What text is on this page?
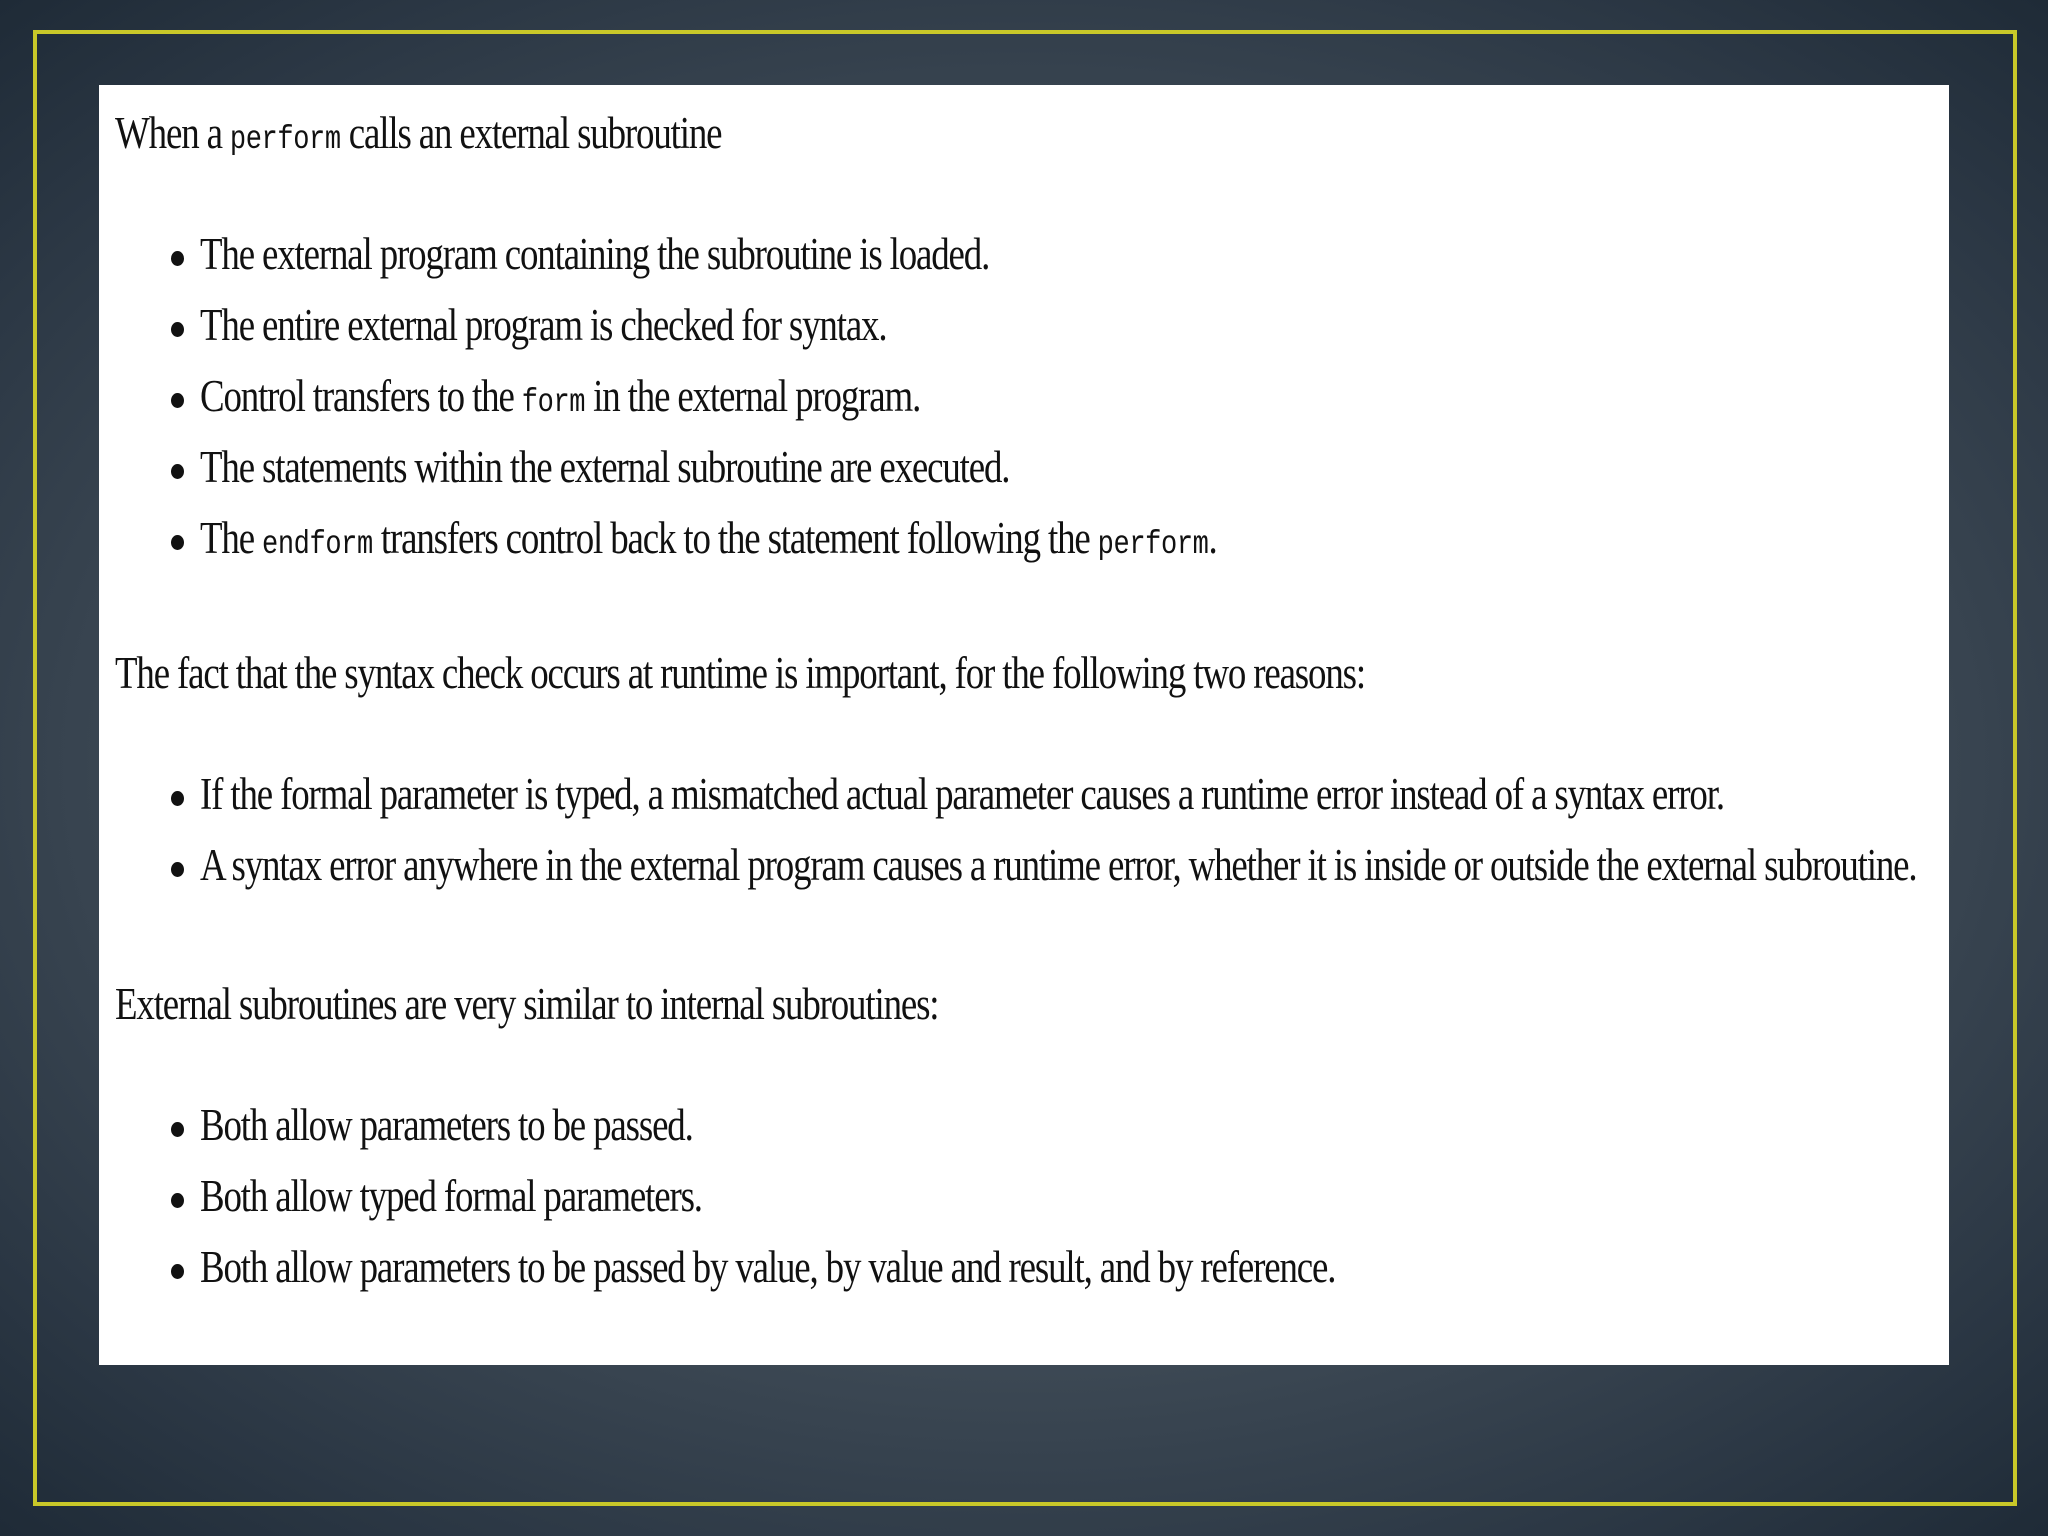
When a perform calls an external subroutine

The external program containing the subroutine is loaded.
The entire external program is checked for syntax.
Control transfers to the form in the external program.
The statements within the external subroutine are executed.
The endform transfers control back to the statement following the perform.

The fact that the syntax check occurs at runtime is important, for the following two reasons:

If the formal parameter is typed, a mismatched actual parameter causes a runtime error instead of a syntax error.
A syntax error anywhere in the external program causes a runtime error, whether it is inside or outside the external subroutine.

External subroutines are very similar to internal subroutines:

Both allow parameters to be passed.
Both allow typed formal parameters.
Both allow parameters to be passed by value, by value and result, and by reference.
